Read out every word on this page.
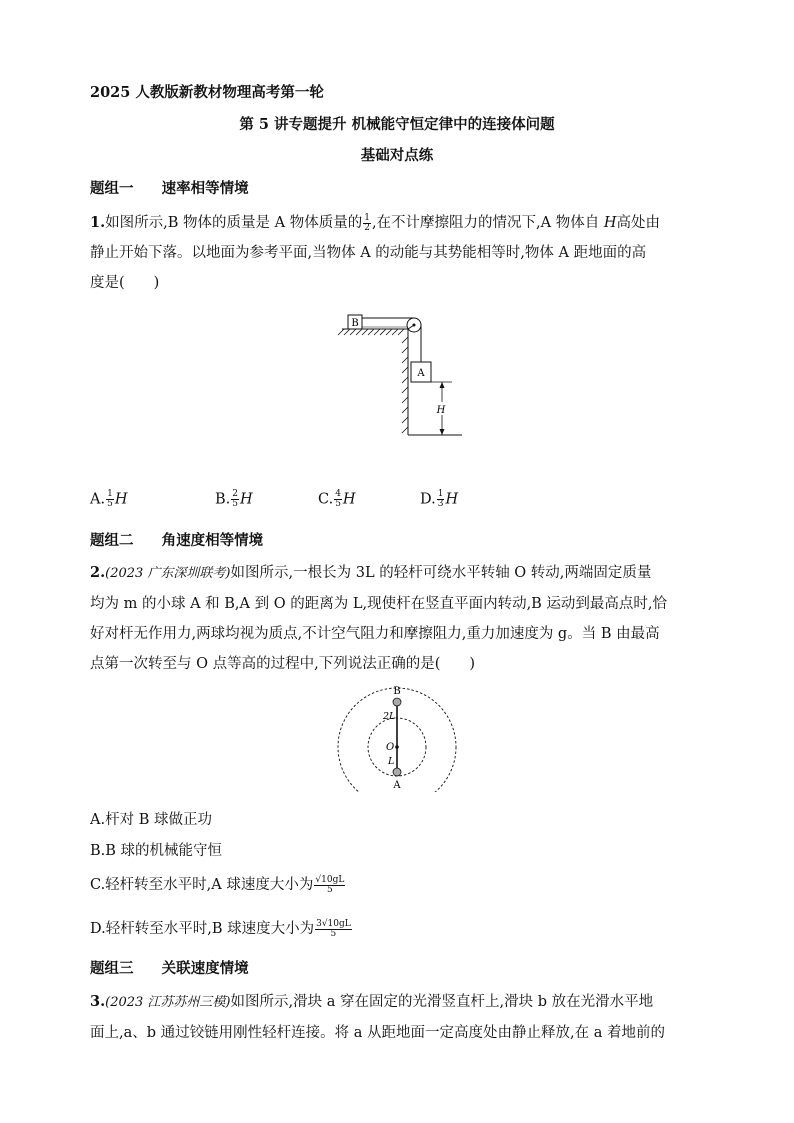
2025 人教版新教材物理高考第一轮
第 5 讲专题提升 机械能守恒定律中的连接体问题
基础对点练
题组一 速率相等情境
1.如图所示,B 物体的质量是 A 物体质量的 $\frac{1}{2}$ ,在不计摩擦阻力的情况下,A 物体自 H高处由
静止开始下落。以地面为参考平面,当物体 A 的动能与其势能相等时,物体 A 距地面的高
度是(　　)
B
A
H
A. $\frac{1}{5}$ H	B. $\frac{2}{5}$ H	C. $\frac{4}{5}$ H	D. $\frac{1}{3}$ H
题组二 角速度相等情境
2.(2023 广东深圳联考)如图所示,一根长为 3L 的轻杆可绕水平转轴 O 转动,两端固定质量
均为 m 的小球 A 和 B,A 到 O 的距离为 L,现使杆在竖直平面内转动,B 运动到最高点时,恰
好对杆无作用力,两球均视为质点,不计空气阻力和摩擦阻力,重力加速度为 g。当 B 由最高
点第一次转至与 O 点等高的过程中,下列说法正确的是(　　)
B
2L
O
L
A
A.杆对 B 球做正功
B.B 球的机械能守恒
C.轻杆转至水平时,A 球速度大小为 $\frac{√10gL}{5}$
D.轻杆转至水平时,B 球速度大小为 $\frac{3√10gL}{5}$
题组三 关联速度情境
3.(2023 江苏苏州三模)如图所示,滑块 a 穿在固定的光滑竖直杆上,滑块 b 放在光滑水平地
面上,a、b 通过铰链用刚性轻杆连接。将 a 从距地面一定高度处由静止释放,在 a 着地前的
